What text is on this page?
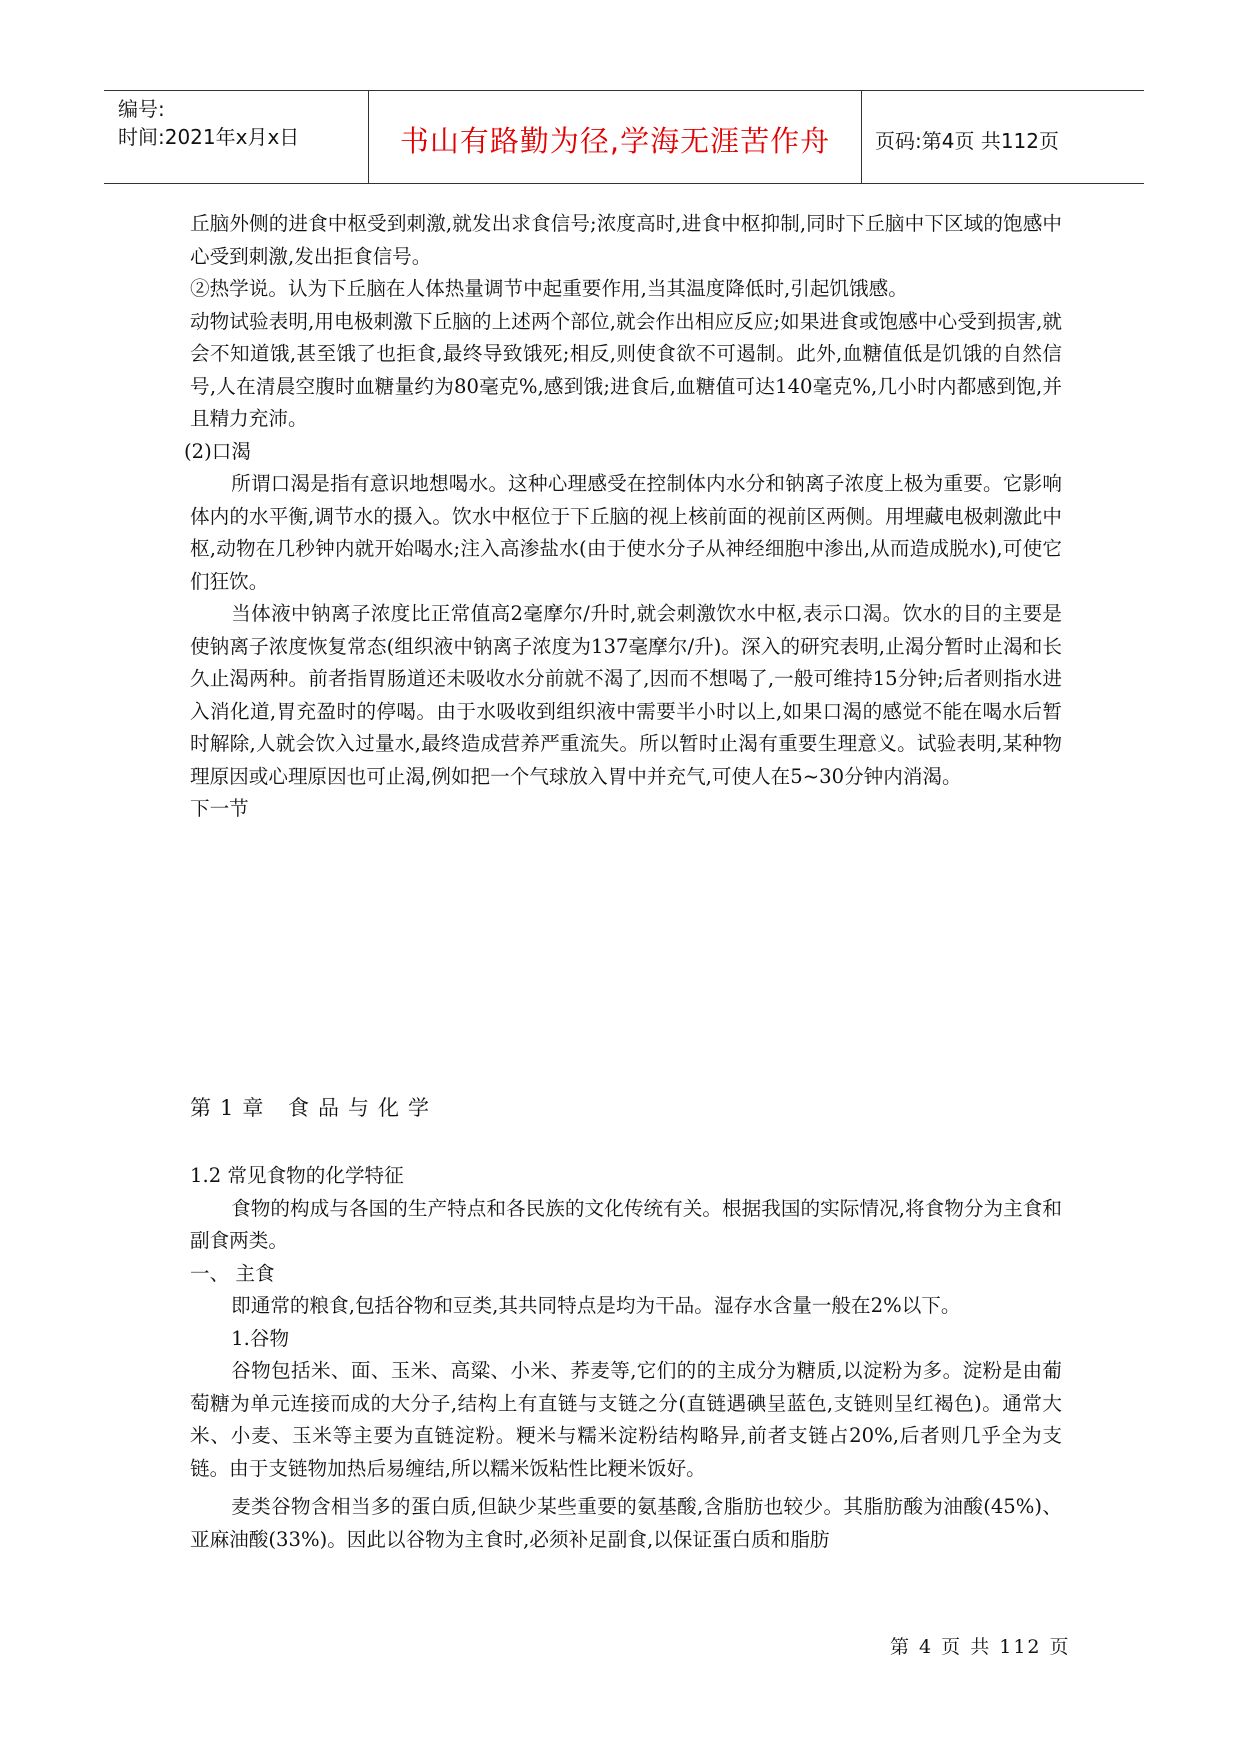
编号:
时间:2021年x月x日	书山有路勤为径,学海无涯苦作舟	页码:第4页 共112页

丘脑外侧的进食中枢受到刺激,就发出求食信号;浓度高时,进食中枢抑制,同时下丘脑中下区域的饱感中心受到刺激,发出拒食信号。

②热学说。认为下丘脑在人体热量调节中起重要作用,当其温度降低时,引起饥饿感。

动物试验表明,用电极刺激下丘脑的上述两个部位,就会作出相应反应;如果进食或饱感中心受到损害,就会不知道饿,甚至饿了也拒食,最终导致饿死;相反,则使食欲不可遏制。此外,血糖值低是饥饿的自然信号,人在清晨空腹时血糖量约为80毫克%,感到饿;进食后,血糖值可达140毫克%,几小时内都感到饱,并且精力充沛。

(2)口渴

所谓口渴是指有意识地想喝水。这种心理感受在控制体内水分和钠离子浓度上极为重要。它影响体内的水平衡,调节水的摄入。饮水中枢位于下丘脑的视上核前面的视前区两侧。用埋藏电极刺激此中枢,动物在几秒钟内就开始喝水;注入高渗盐水(由于使水分子从神经细胞中渗出,从而造成脱水),可使它们狂饮。

当体液中钠离子浓度比正常值高2毫摩尔/升时,就会刺激饮水中枢,表示口渴。饮水的目的主要是使钠离子浓度恢复常态(组织液中钠离子浓度为137毫摩尔/升)。深入的研究表明,止渴分暂时止渴和长久止渴两种。前者指胃肠道还未吸收水分前就不渴了,因而不想喝了,一般可维持15分钟;后者则指水进入消化道,胃充盈时的停喝。由于水吸收到组织液中需要半小时以上,如果口渴的感觉不能在喝水后暂时解除,人就会饮入过量水,最终造成营养严重流失。所以暂时止渴有重要生理意义。试验表明,某种物理原因或心理原因也可止渴,例如把一个气球放入胃中并充气,可使人在5~30分钟内消渴。

下一节

第1章 食品与化学

1.2 常见食物的化学特征

食物的构成与各国的生产特点和各民族的文化传统有关。根据我国的实际情况,将食物分为主食和副食两类。

一、 主食

即通常的粮食,包括谷物和豆类,其共同特点是均为干品。湿存水含量一般在2%以下。

1.谷物

谷物包括米、面、玉米、高粱、小米、荞麦等,它们的的主成分为糖质,以淀粉为多。淀粉是由葡萄糖为单元连接而成的大分子,结构上有直链与支链之分(直链遇碘呈蓝色,支链则呈红褐色)。通常大米、小麦、玉米等主要为直链淀粉。粳米与糯米淀粉结构略异,前者支链占20%,后者则几乎全为支链。由于支链物加热后易缠结,所以糯米饭粘性比粳米饭好。

麦类谷物含相当多的蛋白质,但缺少某些重要的氨基酸,含脂肪也较少。其脂肪酸为油酸(45%)、亚麻油酸(33%)。因此以谷物为主食时,必须补足副食,以保证蛋白质和脂肪

第 4 页 共 112 页
